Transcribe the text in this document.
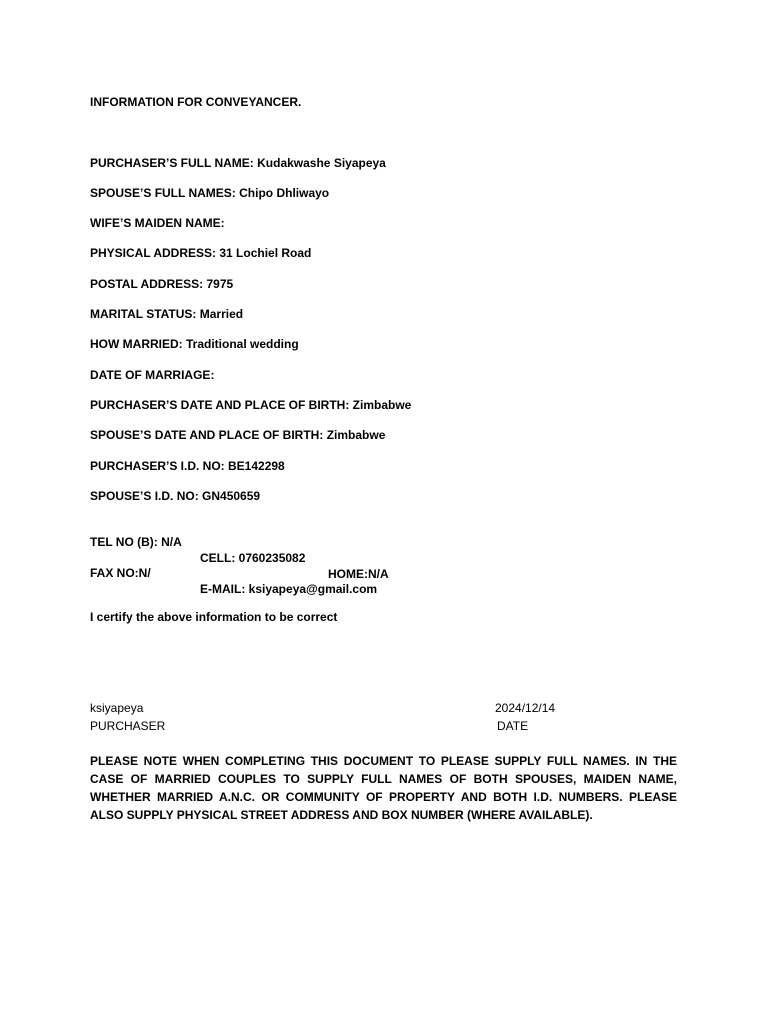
INFORMATION FOR CONVEYANCER.
PURCHASER’S FULL NAME: Kudakwashe Siyapeya
SPOUSE’S FULL NAMES: Chipo Dhliwayo
WIFE’S MAIDEN NAME:
PHYSICAL ADDRESS: 31 Lochiel Road
POSTAL ADDRESS: 7975
MARITAL STATUS: Married
HOW MARRIED: Traditional wedding
DATE OF MARRIAGE:
PURCHASER’S DATE AND PLACE OF BIRTH: Zimbabwe
SPOUSE’S DATE AND PLACE OF BIRTH: Zimbabwe
PURCHASER’S I.D. NO: BE142298
SPOUSE’S I.D. NO: GN450659

TEL NO (B): N/A

CELL: 0760235082

HOME:N/A

FAX NO:N/

E-MAIL: ksiyapeya@gmail.com

I certify the above information to be correct
ksiyapeya
PURCHASER
2024/12/14
DATE
PLEASE NOTE WHEN COMPLETING THIS DOCUMENT TO PLEASE SUPPLY FULL NAMES. IN THE CASE OF MARRIED COUPLES TO SUPPLY FULL NAMES OF BOTH SPOUSES, MAIDEN NAME, WHETHER MARRIED A.N.C. OR COMMUNITY OF PROPERTY AND BOTH I.D. NUMBERS. PLEASE ALSO SUPPLY PHYSICAL STREET ADDRESS AND BOX NUMBER (WHERE AVAILABLE).
